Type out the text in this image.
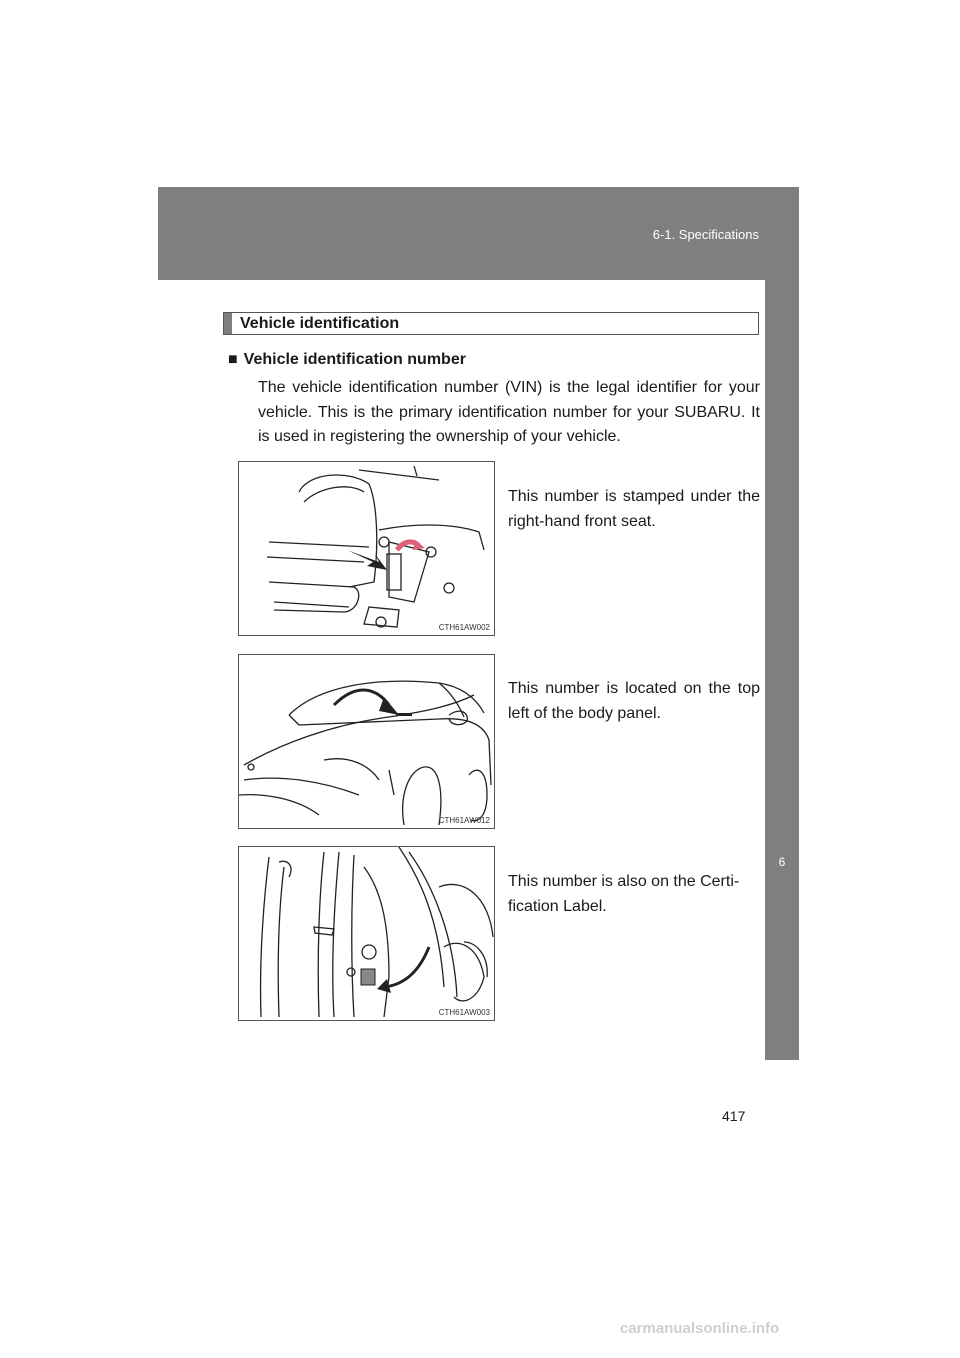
6-1. Specifications
6
Vehicle specifications
Vehicle identification
■ Vehicle identification number
The vehicle identification number (VIN) is the legal identifier for your vehicle. This is the primary identification number for your SUBARU. It is used in registering the ownership of your vehicle.
CTH61AW002
This number is stamped under the right-hand front seat.
CTH61AW012
This number is located on the top left of the body panel.
CTH61AW003
This number is also on the Certi- fication Label.
417
carmanualsonline.info
